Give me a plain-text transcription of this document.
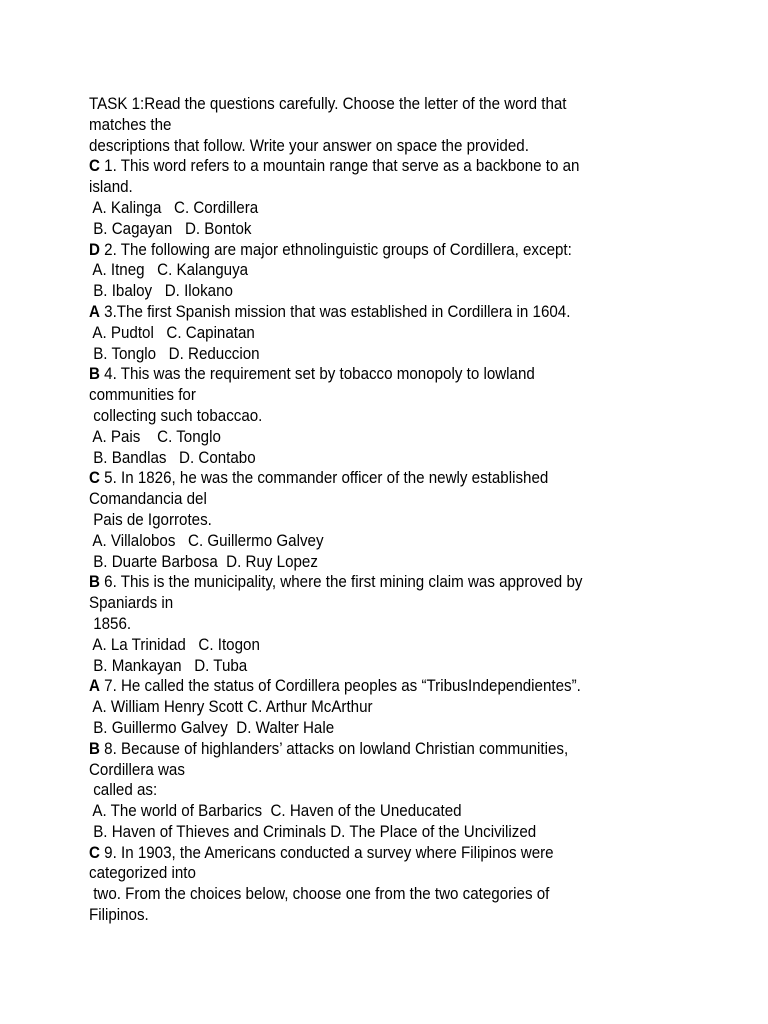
TASK 1:Read the questions carefully. Choose the letter of the word that
matches the
descriptions that follow. Write your answer on space the provided.
C 1. This word refers to a mountain range that serve as a backbone to an
island.
A. Kalinga   C. Cordillera
B. Cagayan   D. Bontok
D 2. The following are major ethnolinguistic groups of Cordillera, except:
A. Itneg   C. Kalanguya
B. Ibaloy   D. Ilokano
A 3.The first Spanish mission that was established in Cordillera in 1604.
A. Pudtol   C. Capinatan
B. Tonglo   D. Reduccion
B 4. This was the requirement set by tobacco monopoly to lowland
communities for
collecting such tobaccao.
A. Pais    C. Tonglo
B. Bandlas   D. Contabo
C 5. In 1826, he was the commander officer of the newly established
Comandancia del
Pais de Igorrotes.
A. Villalobos   C. Guillermo Galvey
B. Duarte Barbosa  D. Ruy Lopez
B 6. This is the municipality, where the first mining claim was approved by
Spaniards in
1856.
A. La Trinidad   C. Itogon
B. Mankayan   D. Tuba
A 7. He called the status of Cordillera peoples as “TribusIndependientes”.
A. William Henry Scott C. Arthur McArthur
B. Guillermo Galvey  D. Walter Hale
B 8. Because of highlanders’ attacks on lowland Christian communities,
Cordillera was
called as:
A. The world of Barbarics  C. Haven of the Uneducated
B. Haven of Thieves and Criminals D. The Place of the Uncivilized
C 9. In 1903, the Americans conducted a survey where Filipinos were
categorized into
two. From the choices below, choose one from the two categories of
Filipinos.
